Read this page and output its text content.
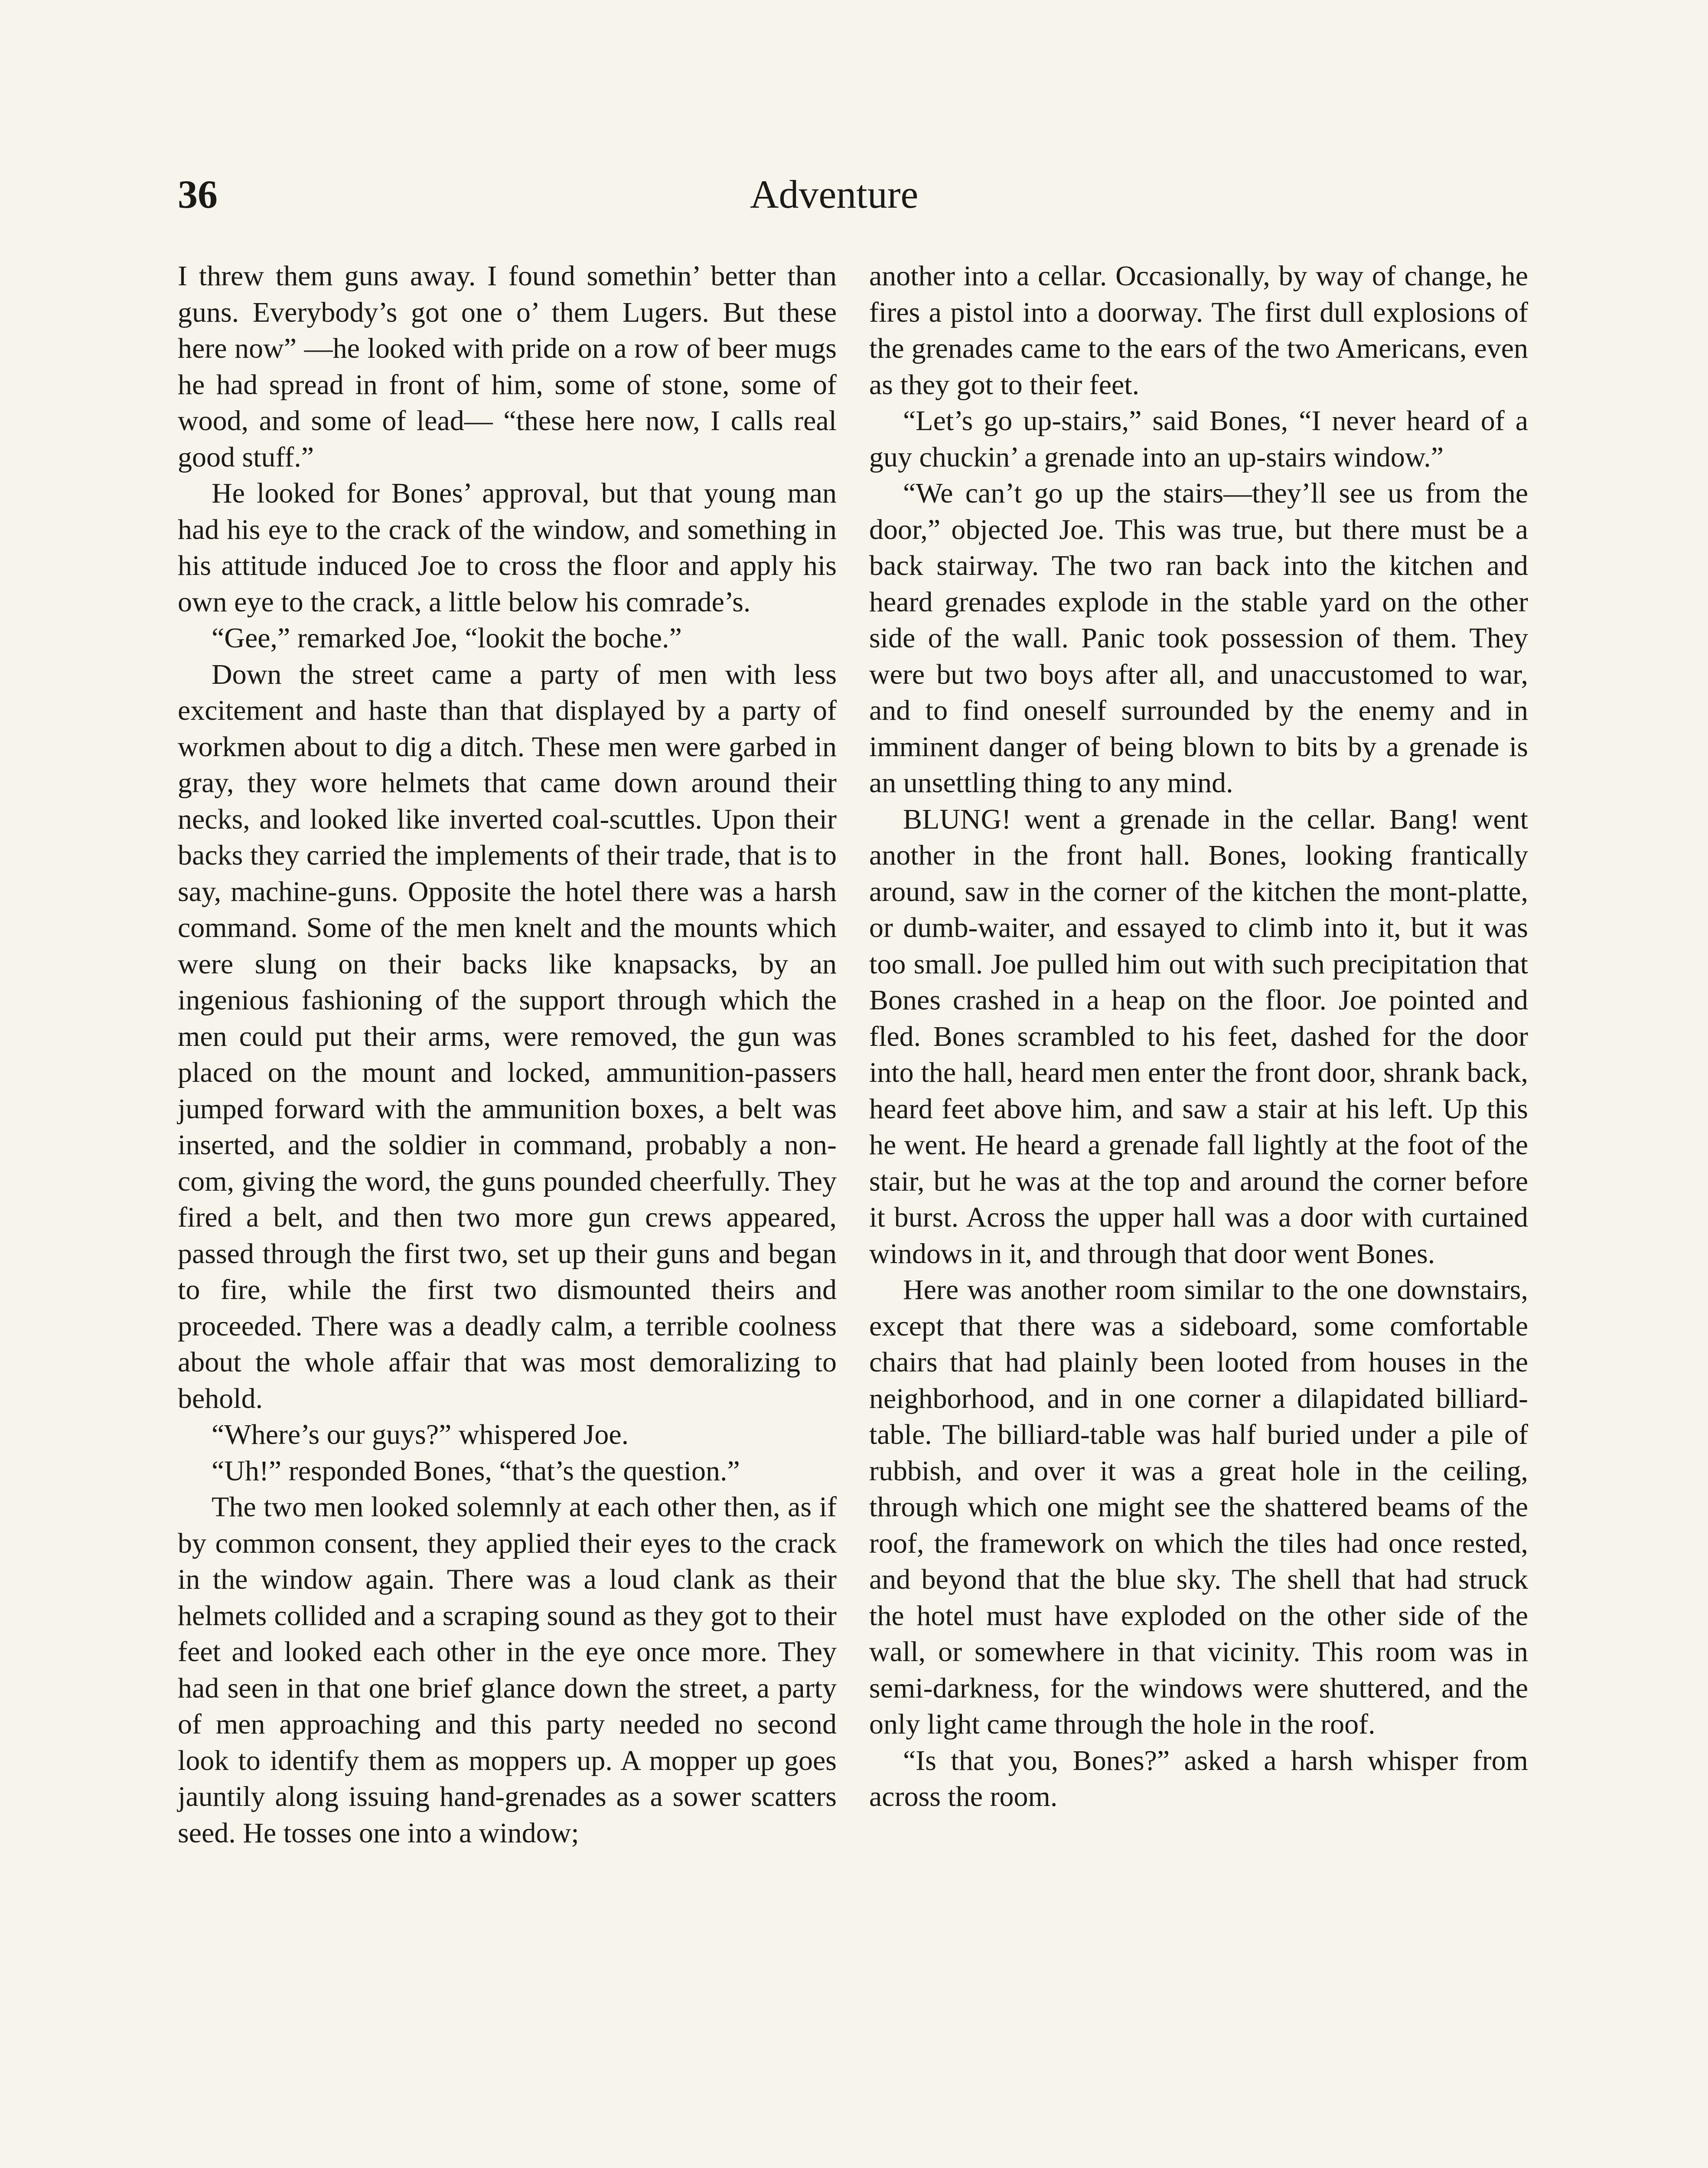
36	Adventure

I threw them guns away. I found somethin’ better than guns. Everybody’s got one o’ them Lugers. But these here now” —he looked with pride on a row of beer mugs he had spread in front of him, some of stone, some of wood, and some of lead— “these here now, I calls real good stuff.”

He looked for Bones’ approval, but that young man had his eye to the crack of the window, and something in his attitude induced Joe to cross the floor and apply his own eye to the crack, a little below his comrade’s.

“Gee,” remarked Joe, “lookit the boche.”

Down the street came a party of men with less excitement and haste than that displayed by a party of workmen about to dig a ditch. These men were garbed in gray, they wore helmets that came down around their necks, and looked like inverted coal-scuttles. Upon their backs they carried the implements of their trade, that is to say, machine-guns. Opposite the hotel there was a harsh command. Some of the men knelt and the mounts which were slung on their backs like knapsacks, by an ingenious fashioning of the support through which the men could put their arms, were removed, the gun was placed on the mount and locked, ammunition-passers jumped forward with the ammunition boxes, a belt was inserted, and the soldier in command, probably a non-com, giving the word, the guns pounded cheerfully. They fired a belt, and then two more gun crews appeared, passed through the first two, set up their guns and began to fire, while the first two dismounted theirs and proceeded. There was a deadly calm, a terrible coolness about the whole affair that was most demoralizing to behold.

“Where’s our guys?” whispered Joe.

“Uh!” responded Bones, “that’s the question.”

The two men looked solemnly at each other then, as if by common consent, they applied their eyes to the crack in the window again. There was a loud clank as their helmets collided and a scraping sound as they got to their feet and looked each other in the eye once more. They had seen in that one brief glance down the street, a party of men approaching and this party needed no second look to identify them as moppers up. A mopper up goes jauntily along issuing hand-grenades as a sower scatters seed. He tosses one into a window;

another into a cellar. Occasionally, by way of change, he fires a pistol into a doorway. The first dull explosions of the grenades came to the ears of the two Americans, even as they got to their feet.

“Let’s go up-stairs,” said Bones, “I never heard of a guy chuckin’ a grenade into an up-stairs window.”

“We can’t go up the stairs—they’ll see us from the door,” objected Joe. This was true, but there must be a back stairway. The two ran back into the kitchen and heard grenades explode in the stable yard on the other side of the wall. Panic took possession of them. They were but two boys after all, and unaccustomed to war, and to find oneself surrounded by the enemy and in imminent danger of being blown to bits by a grenade is an unsettling thing to any mind.

BLUNG! went a grenade in the cellar. Bang! went another in the front hall. Bones, looking frantically around, saw in the corner of the kitchen the mont-platte, or dumb-waiter, and essayed to climb into it, but it was too small. Joe pulled him out with such precipitation that Bones crashed in a heap on the floor. Joe pointed and fled. Bones scrambled to his feet, dashed for the door into the hall, heard men enter the front door, shrank back, heard feet above him, and saw a stair at his left. Up this he went. He heard a grenade fall lightly at the foot of the stair, but he was at the top and around the corner before it burst. Across the upper hall was a door with curtained windows in it, and through that door went Bones.

Here was another room similar to the one downstairs, except that there was a sideboard, some comfortable chairs that had plainly been looted from houses in the neighborhood, and in one corner a dilapidated billiard-table. The billiard-table was half buried under a pile of rubbish, and over it was a great hole in the ceiling, through which one might see the shattered beams of the roof, the framework on which the tiles had once rested, and beyond that the blue sky. The shell that had struck the hotel must have exploded on the other side of the wall, or somewhere in that vicinity. This room was in semi-darkness, for the windows were shuttered, and the only light came through the hole in the roof.

“Is that you, Bones?” asked a harsh whisper from across the room.
